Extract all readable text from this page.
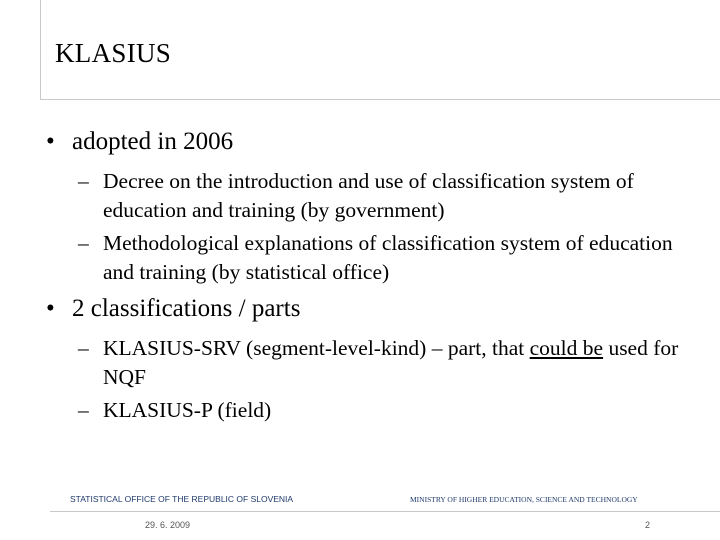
KLASIUS
• adopted in 2006
– Decree on the introduction and use of classification system of education and training (by government)
– Methodological explanations of classification system of education and training (by statistical office)
• 2 classifications / parts
– KLASIUS-SRV (segment-level-kind) – part, that could be used for NQF
– KLASIUS-P (field)
STATISTICAL OFFICE OF THE REPUBLIC OF SLOVENIA	MINISTRY OF HIGHER EDUCATION, SCIENCE AND TECHNOLOGY
29. 6. 2009	2
